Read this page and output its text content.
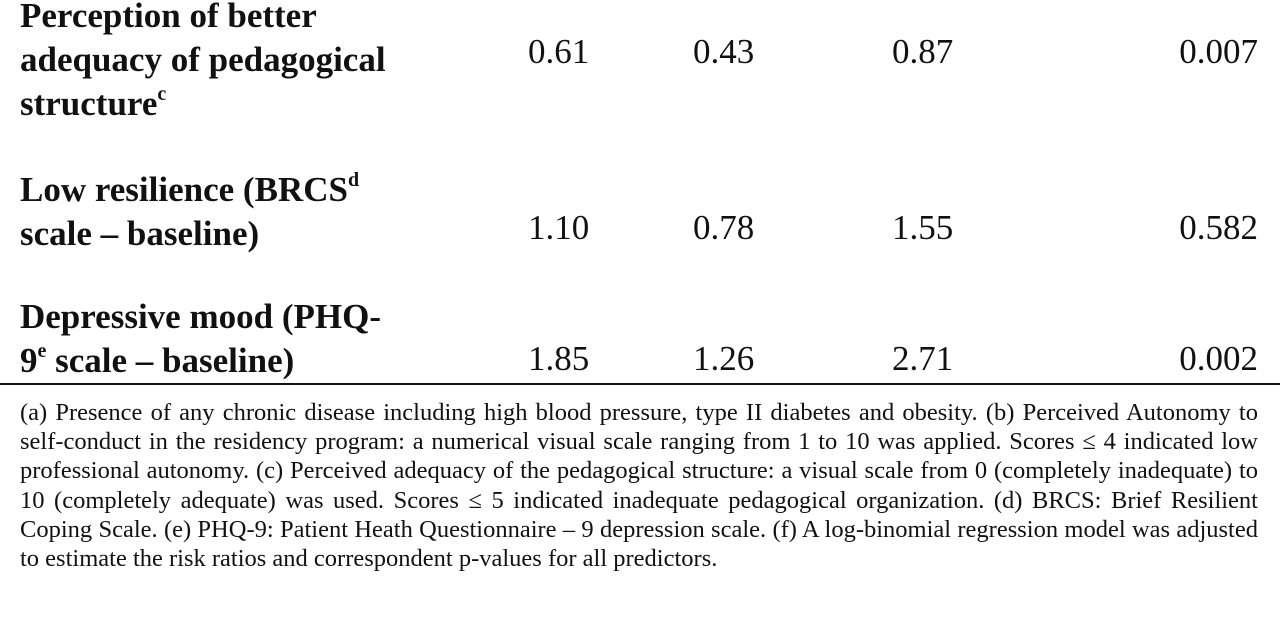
Perception of better
adequacy of pedagogical
structure$^c$
0.61	0.43	0.87	0.007
Low resilience (BRCS$^d$
scale – baseline)	1.10	0.78	1.55	0.582
Depressive mood (PHQ-
9e scale – baseline)	1.85	1.26	2.71	0.002
(a) Presence of any chronic disease including high blood pressure, type II diabetes and obesity. (b) Perceived Autonomy to self-conduct in the residency program: a numerical visual scale ranging from 1 to 10 was applied. Scores ≤ 4 indicated low professional autonomy. (c) Perceived adequacy of the pedagogical structure: a visual scale from 0 (completely inadequate) to 10 (completely adequate) was used. Scores ≤ 5 indicated inadequate pedagogical organization. (d) BRCS: Brief Resilient Coping Scale. (e) PHQ-9: Patient Heath Questionnaire – 9 depression scale. (f) A log-binomial regression model was adjusted to estimate the risk ratios and correspondent p-values for all predictors.
